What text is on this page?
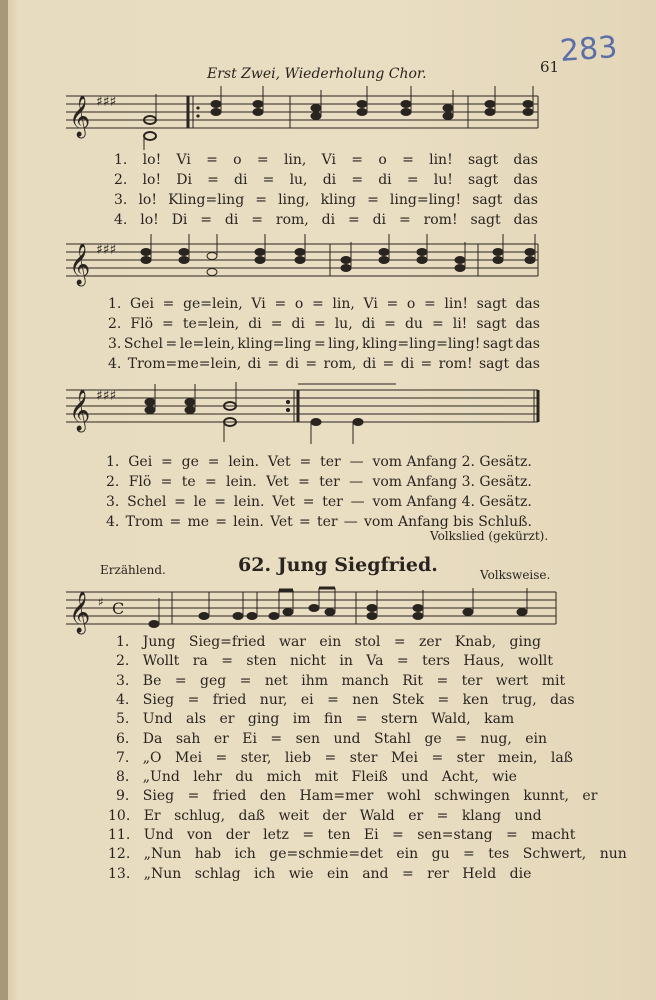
283
61
Erst Zwei, Wiederholung Chor.
𝄞 ♯♯♯
1. lo! Vi = o = lin, Vi = o = lin! sagt das
2. lo! Di = di = lu, di = di = lu! sagt das
3. lo! Kling=ling = ling, kling = ling=ling! sagt das
4. lo! Di = di = rom, di = di = rom! sagt das
𝄞 ♯♯♯
1. Gei = ge=lein, Vi = o = lin, Vi = o = lin! sagt das
2. Flö = te=lein, di = di = lu, di = du = li! sagt das
3. Schel = le=lein, kling=ling = ling, kling=ling=ling! sagt das
4. Trom=me=lein, di = di = rom, di = di = rom! sagt das
𝄞 ♯♯♯
1. Gei = ge = lein. Vet = ter — vom Anfang 2. Gesätz.
2. Flö = te = lein. Vet = ter — vom Anfang 3. Gesätz.
3. Schel = le = lein. Vet = ter — vom Anfang 4. Gesätz.
4. Trom = me = lein. Vet = ter — vom Anfang bis Schluß.
Volkslied (gekürzt).
Erzählend.	62. Jung Siegfried.	Volksweise.
𝄞 ♯ C
1. Jung Sieg=fried war ein stol = zer Knab, ging
2. Wollt ra = sten nicht in Va = ters Haus, wollt
3. Be = geg = net ihm manch Rit = ter wert mit
4. Sieg = fried nur, ei = nen Stek = ken trug, das
5. Und als er ging im fin = stern Wald, kam
6. Da sah er Ei = sen und Stahl ge = nug, ein
7. „O Mei = ster, lieb = ster Mei = ster mein, laß
8. „Und lehr du mich mit Fleiß und Acht, wie
9. Sieg = fried den Ham=mer wohl schwingen kunnt, er
10. Er schlug, daß weit der Wald er = klang und
11. Und von der letz = ten Ei = sen=stang = macht
12. „Nun hab ich ge=schmie=det ein gu = tes Schwert, nun
13. „Nun schlag ich wie ein and = rer Held die
